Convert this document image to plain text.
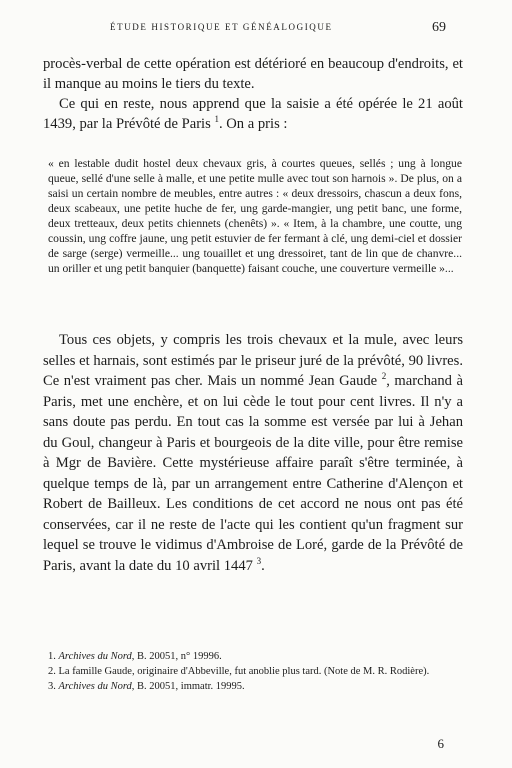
ÉTUDE HISTORIQUE ET GÉNÉALOGIQUE	69

procès-verbal de cette opération est détérioré en beaucoup d'endroits, et il manque au moins le tiers du texte.

Ce qui en reste, nous apprend que la saisie a été opérée le 21 août 1439, par la Prévôté de Paris $^1$. On a pris :

« en lestable dudit hostel deux chevaux gris, à courtes queues, sellés ; ung à longue queue, sellé d'une selle à malle, et une petite mulle avec tout son harnois ». De plus, on a saisi un certain nombre de meubles, entre autres : « deux dressoirs, chascun a deux fons, deux scabeaux, une petite huche de fer, ung garde-mangier, ung petit banc, une forme, deux tretteaux, deux petits chiennets (chenêts) ». « Item, à la chambre, une coutte, ung coussin, ung coffre jaune, ung petit estuvier de fer fermant à clé, ung demi-ciel et dossier de sarge (serge) vermeille... ung touaillet et ung dressoiret, tant de lin que de chanvre... un oriller et ung petit banquier (banquette) faisant couche, une couverture vermeille »...

Tous ces objets, y compris les trois chevaux et la mule, avec leurs selles et harnais, sont estimés par le priseur juré de la prévôté, 90 livres. Ce n'est vraiment pas cher. Mais un nommé Jean Gaude $^2$, marchand à Paris, met une enchère, et on lui cède le tout pour cent livres. Il n'y a sans doute pas perdu. En tout cas la somme est versée par lui à Jehan du Goul, changeur à Paris et bourgeois de la dite ville, pour être remise à Mgr de Bavière. Cette mystérieuse affaire paraît s'être terminée, à quelque temps de là, par un arrangement entre Catherine d'Alençon et Robert de Bailleux. Les conditions de cet accord ne nous ont pas été conservées, car il ne reste de l'acte qui les contient qu'un fragment sur lequel se trouve le vidimus d'Ambroise de Loré, garde de la Prévôté de Paris, avant la date du 10 avril 1447 $^3$.

1. Archives du Nord, B. 20051, n° 19996.

2. La famille Gaude, originaire d'Abbeville, fut anoblie plus tard. (Note de M. R. Rodière).

3. Archives du Nord, B. 20051, immatr. 19995.

6
